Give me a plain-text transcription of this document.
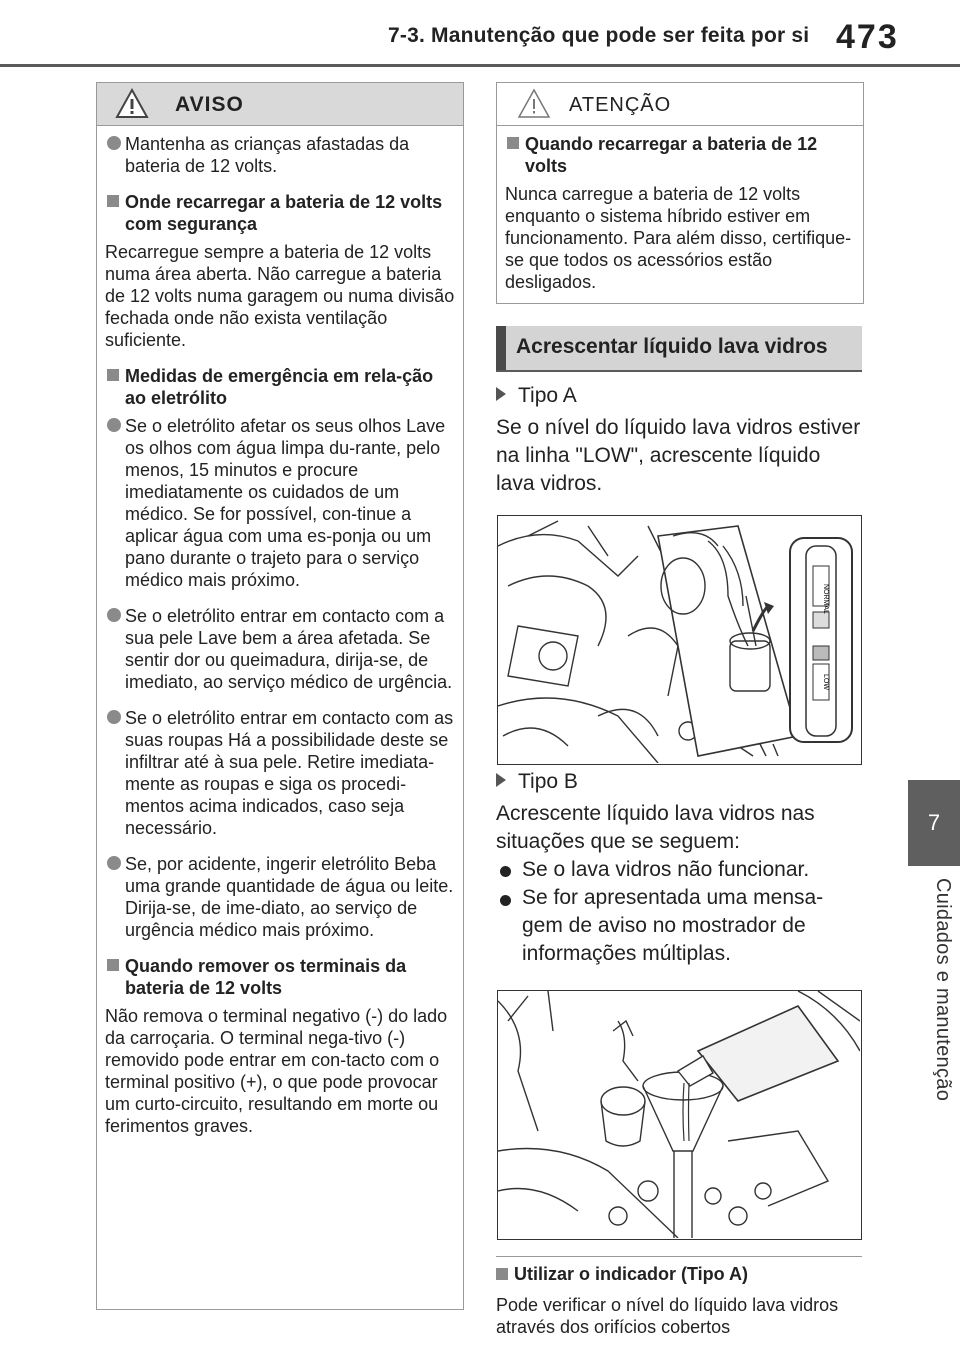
7-3. Manutenção que pode ser feita por si 473
7
Cuidados e manutenção
AVISO
Mantenha as crianças afastadas da bateria de 12 volts.
Onde recarregar a bateria de 12 volts com segurança
Recarregue sempre a bateria de 12 volts numa área aberta. Não carregue a bateria de 12 volts numa garagem ou numa divisão fechada onde não exista ventilação suficiente.
Medidas de emergência em rela-ção ao eletrólito
Se o eletrólito afetar os seus olhos Lave os olhos com água limpa du-rante, pelo menos, 15 minutos e procure imediatamente os cuidados de um médico. Se for possível, con-tinue a aplicar água com uma es-ponja ou um pano durante o trajeto para o serviço médico mais próximo.
Se o eletrólito entrar em contacto com a sua pele Lave bem a área afetada. Se sentir dor ou queimadura, dirija-se, de imediato, ao serviço médico de urgência.
Se o eletrólito entrar em contacto com as suas roupas Há a possibilidade deste se infiltrar até à sua pele. Retire imediata-mente as roupas e siga os procedi-mentos acima indicados, caso seja necessário.
Se, por acidente, ingerir eletrólito Beba uma grande quantidade de água ou leite. Dirija-se, de ime-diato, ao serviço de urgência médico mais próximo.
Quando remover os terminais da bateria de 12 volts
Não remova o terminal negativo (-) do lado da carroçaria. O terminal nega-tivo (-) removido pode entrar em con-tacto com o terminal positivo (+), o que pode provocar um curto-circuito, resultando em morte ou ferimentos graves.
ATENÇÃO
Quando recarregar a bateria de 12 volts
Nunca carregue a bateria de 12 volts enquanto o sistema híbrido estiver em funcionamento. Para além disso, certifique-se que todos os acessórios estão desligados.
Acrescentar líquido lava vidros
Tipo A
Se o nível do líquido lava vidros estiver na linha "LOW", acrescente líquido lava vidros.
NORMAL
LOW
Tipo B
Acrescente líquido lava vidros nas situações que se seguem:
Se o lava vidros não funcionar.
Se for apresentada uma mensa-gem de aviso no mostrador de informações múltiplas.
Utilizar o indicador (Tipo A)
Pode verificar o nível do líquido lava vidros através dos orifícios cobertos
